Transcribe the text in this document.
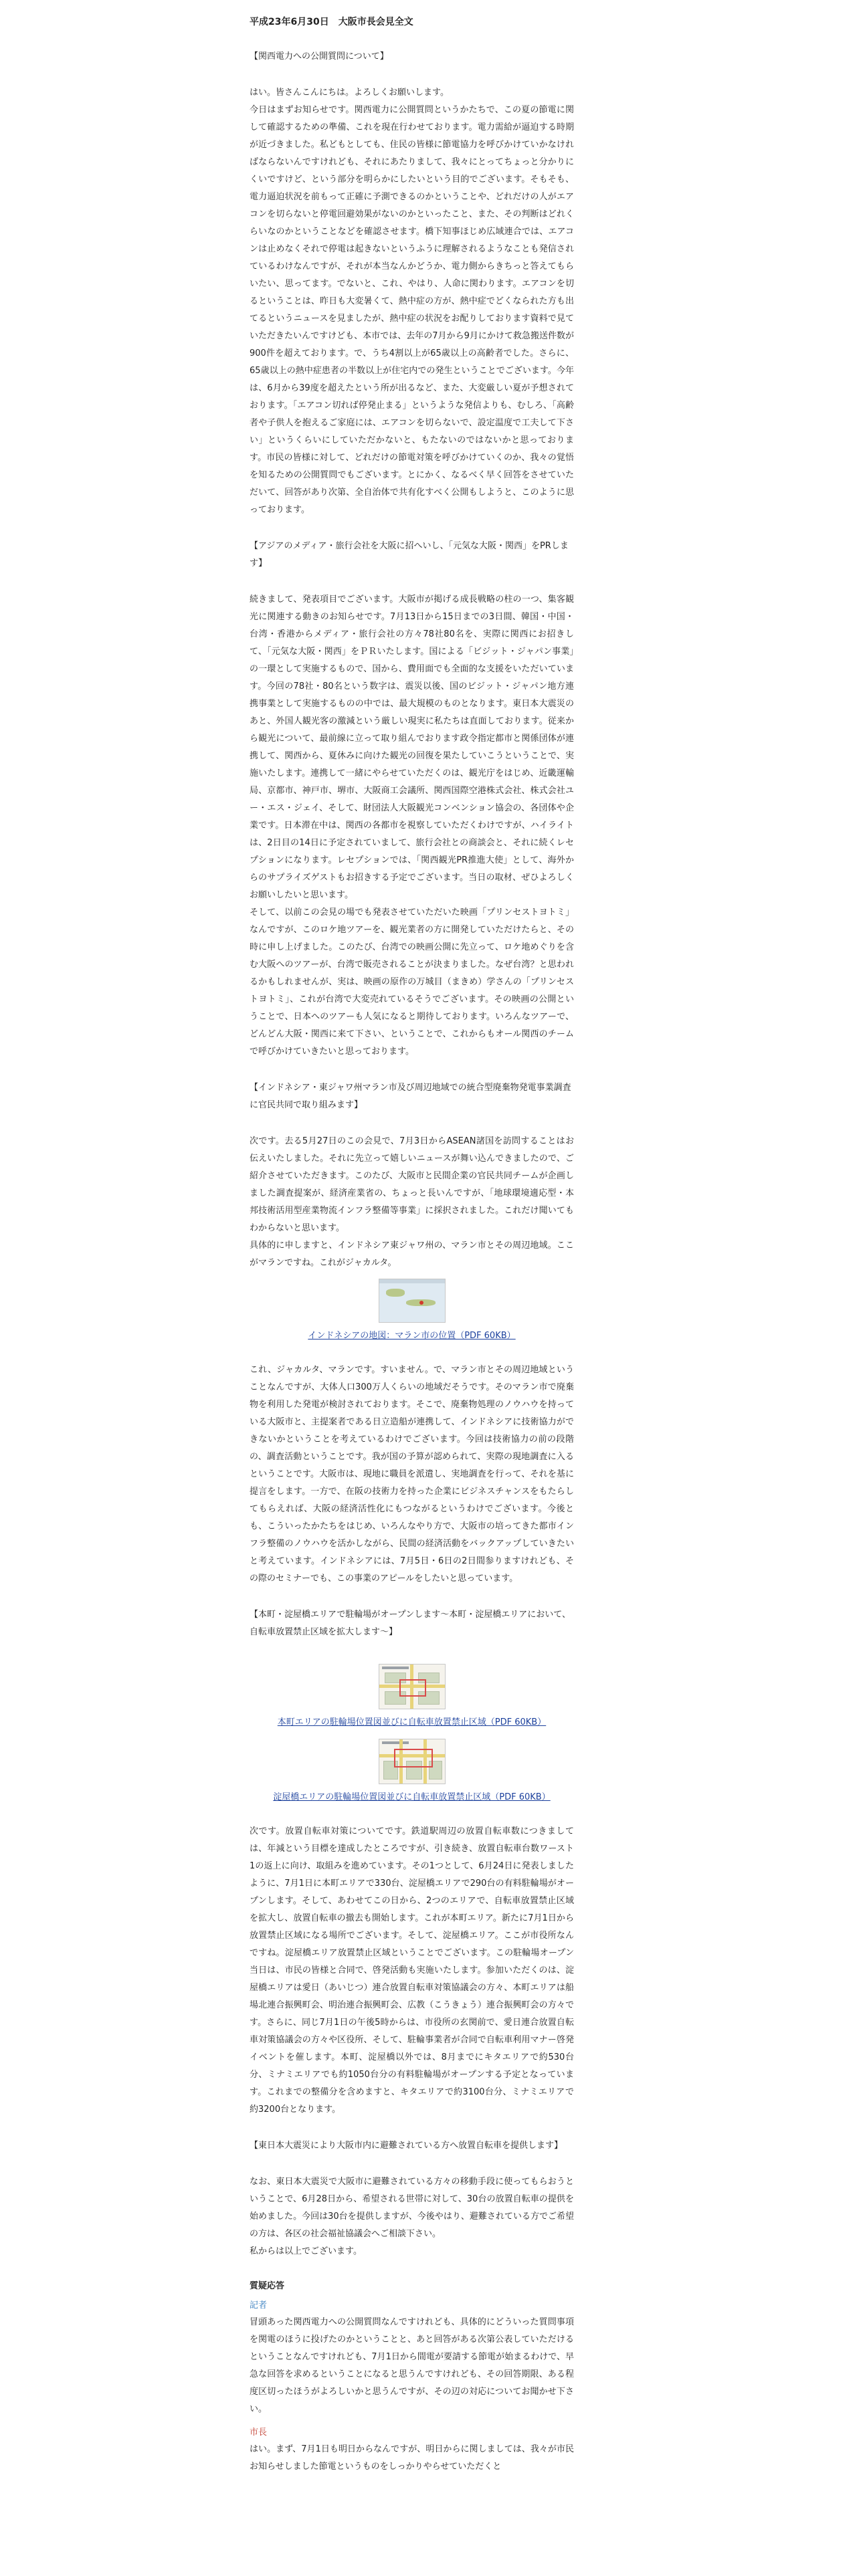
平成23年6月30日　大阪市長会見全文
【関西電力への公開質問について】

はい。皆さんこんにちは。よろしくお願いします。
今日はまずお知らせです。関西電力に公開質問というかたちで、この夏の節電に関して確認するための準備、これを現在行わせております。電力需給が逼迫する時期が近づきました。私どもとしても、住民の皆様に節電協力を呼びかけていかなければならないんですけれども、それにあたりまして、我々にとってちょっと分かりにくいですけど、という部分を明らかにしたいという目的でございます。そもそも、電力逼迫状況を前もって正確に予測できるのかということや、どれだけの人がエアコンを切らないと停電回避効果がないのかといったこと、また、その判断はどれくらいなのかということなどを確認させます。橋下知事ほじめ広域連合では、エアコンは止めなくそれで停電は起きないというふうに理解されるようなことも発信されているわけなんですが、それが本当なんかどうか、電力側からきちっと答えてもらいたい、思ってます。でないと、これ、やはり、人命に関わります。エアコンを切るということは、昨日も大変暑くて、熱中症の方が、熱中症でどくなられた方も出てるというニュースを見ましたが、熱中症の状況をお配りしております資料で見ていただきたいんですけども、本市では、去年の7月から9月にかけて救急搬送件数が900件を超えております。で、うち4割以上が65歳以上の高齢者でした。さらに、65歳以上の熱中症患者の半数以上が住宅内での発生ということでございます。今年は、6月から39度を超えたという所が出るなど、また、大変厳しい夏が予想されております。「エアコン切れば停発止まる」というような発信よりも、むしろ、「高齢者や子供人を抱えるご家庭には、エアコンを切らないで、設定温度で工夫して下さい」というくらいにしていただかないと、もたないのではないかと思っております。市民の皆様に対して、どれだけの節電対策を呼びかけていくのか、我々の覚悟を知るための公開質問でもございます。とにかく、なるべく早く回答をさせていただいて、回答があり次第、全自治体で共有化すべく公開もしようと、このように思っております。

【アジアのメディア・旅行会社を大阪に招へいし、「元気な大阪・関西」をPRします】

続きまして、発表項目でございます。大阪市が掲げる成長戦略の柱の一つ、集客観光に関連する動きのお知らせです。7月13日から15日までの3日間、韓国・中国・台湾・香港からメディア・旅行会社の方々78社80名を、実際に関西にお招きして、「元気な大阪・関西」をＰＲいたします。国による「ビジット・ジャパン事業」の一環として実施するもので、国から、費用面でも全面的な支援をいただいています。今回の78社・80名という数字は、震災以後、国のビジット・ジャパン地方連携事業として実施するものの中では、最大規模のものとなります。東日本大震災のあと、外国人観光客の激減という厳しい現実に私たちは直面しております。従来から観光について、最前線に立って取り組んでおります政令指定都市と関係団体が連携して、関西から、夏休みに向けた観光の回復を果たしていこうということで、実施いたします。連携して一緒にやらせていただくのは、観光庁をはじめ、近畿運輸局、京都市、神戸市、堺市、大阪商工会議所、関西国際空港株式会社、株式会社ユー・エス・ジェイ、そして、財団法人大阪観光コンベンション協会の、各団体や企業です。日本滞在中は、関西の各都市を視察していただくわけですが、ハイライトは、2日目の14日に予定されていまして、旅行会社との商談会と、それに続くレセプションになります。レセプションでは、「関西観光PR推進大使」として、海外からのサプライズゲストもお招きする予定でございます。当日の取材、ぜひよろしくお願いしたいと思います。
そして、以前この会見の場でも発表させていただいた映画「プリンセストヨトミ」なんですが、このロケ地ツアーを、観光業者の方に開発していただけたらと、その時に申し上げました。このたび、台湾での映画公開に先立って、ロケ地めぐりを含む大阪へのツアーが、台湾で販売されることが決まりました。なぜ台湾？と思われるかもしれませんが、実は、映画の原作の万城目（まきめ）学さんの「プリンセストヨトミ」、これが台湾で大変売れているそうでございます。その映画の公開ということで、日本へのツアーも人気になると期待しております。いろんなツアーで、どんどん大阪・関西に来て下さい、ということで、これからもオール関西のチームで呼びかけていきたいと思っております。

【インドネシア・東ジャワ州マラン市及び周辺地域での統合型廃棄物発電事業調査に官民共同で取り組みます】

次です。去る5月27日のこの会見で、7月3日からASEAN諸国を訪問することはお伝えいたしました。それに先立って嬉しいニュースが舞い込んできましたので、ご紹介させていただきます。このたび、大阪市と民間企業の官民共同チームが企画しました調査提案が、経済産業省の、ちょっと長いんですが、「地球環境適応型・本邦技術活用型産業物流インフラ整備等事業」に採択されました。これだけ聞いてもわからないと思います。
具体的に申しますと、インドネシア東ジャワ州の、マラン市とその周辺地域。ここがマランですね。これがジャカルタ。

インドネシアの地図：マラン市の位置（PDF 60KB）

これ、ジャカルタ、マランです。すいません。で、マラン市とその周辺地域ということなんですが、大体人口300万人くらいの地域だそうです。そのマラン市で廃棄物を利用した発電が検討されております。そこで、廃棄物処理のノウハウを持っている大阪市と、主提案者である日立造船が連携して、インドネシアに技術協力ができないかということを考えているわけでございます。今回は技術協力の前の段階の、調査活動ということです。我が国の予算が認められて、実際の現地調査に入るということです。大阪市は、現地に職員を派遣し、実地調査を行って、それを基に提言をします。一方で、在阪の技術力を持った企業にビジネスチャンスをもたらしてもらえれば、大阪の経済活性化にもつながるというわけでございます。今後とも、こういったかたちをはじめ、いろんなやり方で、大阪市の培ってきた都市インフラ整備のノウハウを活かしながら、民間の経済活動をバックアップしていきたいと考えています。インドネシアには、7月5日・6日の2日間参りますけれども、その際のセミナーでも、この事業のアピールをしたいと思っています。

【本町・淀屋橋エリアで駐輪場がオープンします～本町・淀屋橋エリアにおいて、自転車放置禁止区域を拡大します～】
本町エリアの駐輪場位置図並びに自転車放置禁止区域（PDF 60KB）
淀屋橋エリアの駐輪場位置図並びに自転車放置禁止区域（PDF 60KB）

次です。放置自転車対策についてです。鉄道駅周辺の放置自転車数につきましては、年減という目標を達成したところですが、引き続き、放置自転車台数ワースト1の返上に向け、取組みを進めています。その1つとして、6月24日に発表しましたように、7月1日に本町エリアで330台、淀屋橋エリアで290台の有料駐輪場がオープンします。そして、あわせてこの日から、2つのエリアで、自転車放置禁止区域を拡大し、放置自転車の撤去も開始します。これが本町エリア。新たに7月1日から放置禁止区域になる場所でございます。そして、淀屋橋エリア。ここが市役所なんですね。淀屋橋エリア放置禁止区域ということでございます。この駐輪場オープン当日は、市民の皆様と合同で、啓発活動も実施いたします。参加いただくのは、淀屋橋エリアは愛日（あいじつ）連合放置自転車対策協議会の方々、本町エリアは船場北連合振興町会、明治連合振興町会、広教（こうきょう）連合振興町会の方々です。さらに、同じ7月1日の午後5時からは、市役所の玄関前で、愛日連合放置自転車対策協議会の方々や区役所、そして、駐輪事業者が合同で自転車利用マナー啓発イベントを催します。本町、淀屋橋以外では、8月までにキタエリアで約530台分、ミナミエリアでも約1050台分の有料駐輪場がオープンする予定となっています。これまでの整備分を含めますと、キタエリアで約3100台分、ミナミエリアで約3200台となります。

【東日本大震災により大阪市内に避難されている方へ放置自転車を提供します】

なお、東日本大震災で大阪市に避難されている方々の移動手段に使ってもらおうということで、6月28日から、希望される世帯に対して、30台の放置自転車の提供を始めました。今回は30台を提供しますが、今後やはり、避難されている方でご希望の方は、各区の社会福祉協議会へご相談下さい。
私からは以上でございます。

質疑応答
記者

冒頭あった関西電力への公開質問なんですけれども、具体的にどういった質問事項を関電のほうに投げたのかということと、あと回答がある次第公表していただけるということなんですけれども、7月1日から間電が要請する節電が始まるわけで、早急な回答を求めるということになると思うんですけれども、その回答期限、ある程度区切ったほうがよろしいかと思うんですが、その辺の対応についてお聞かせ下さい。

市長

はい。まず、7月1日も明日からなんですが、明日からに関しましては、我々が市民お知らせしました節電というものをしっかりやらせていただくと
